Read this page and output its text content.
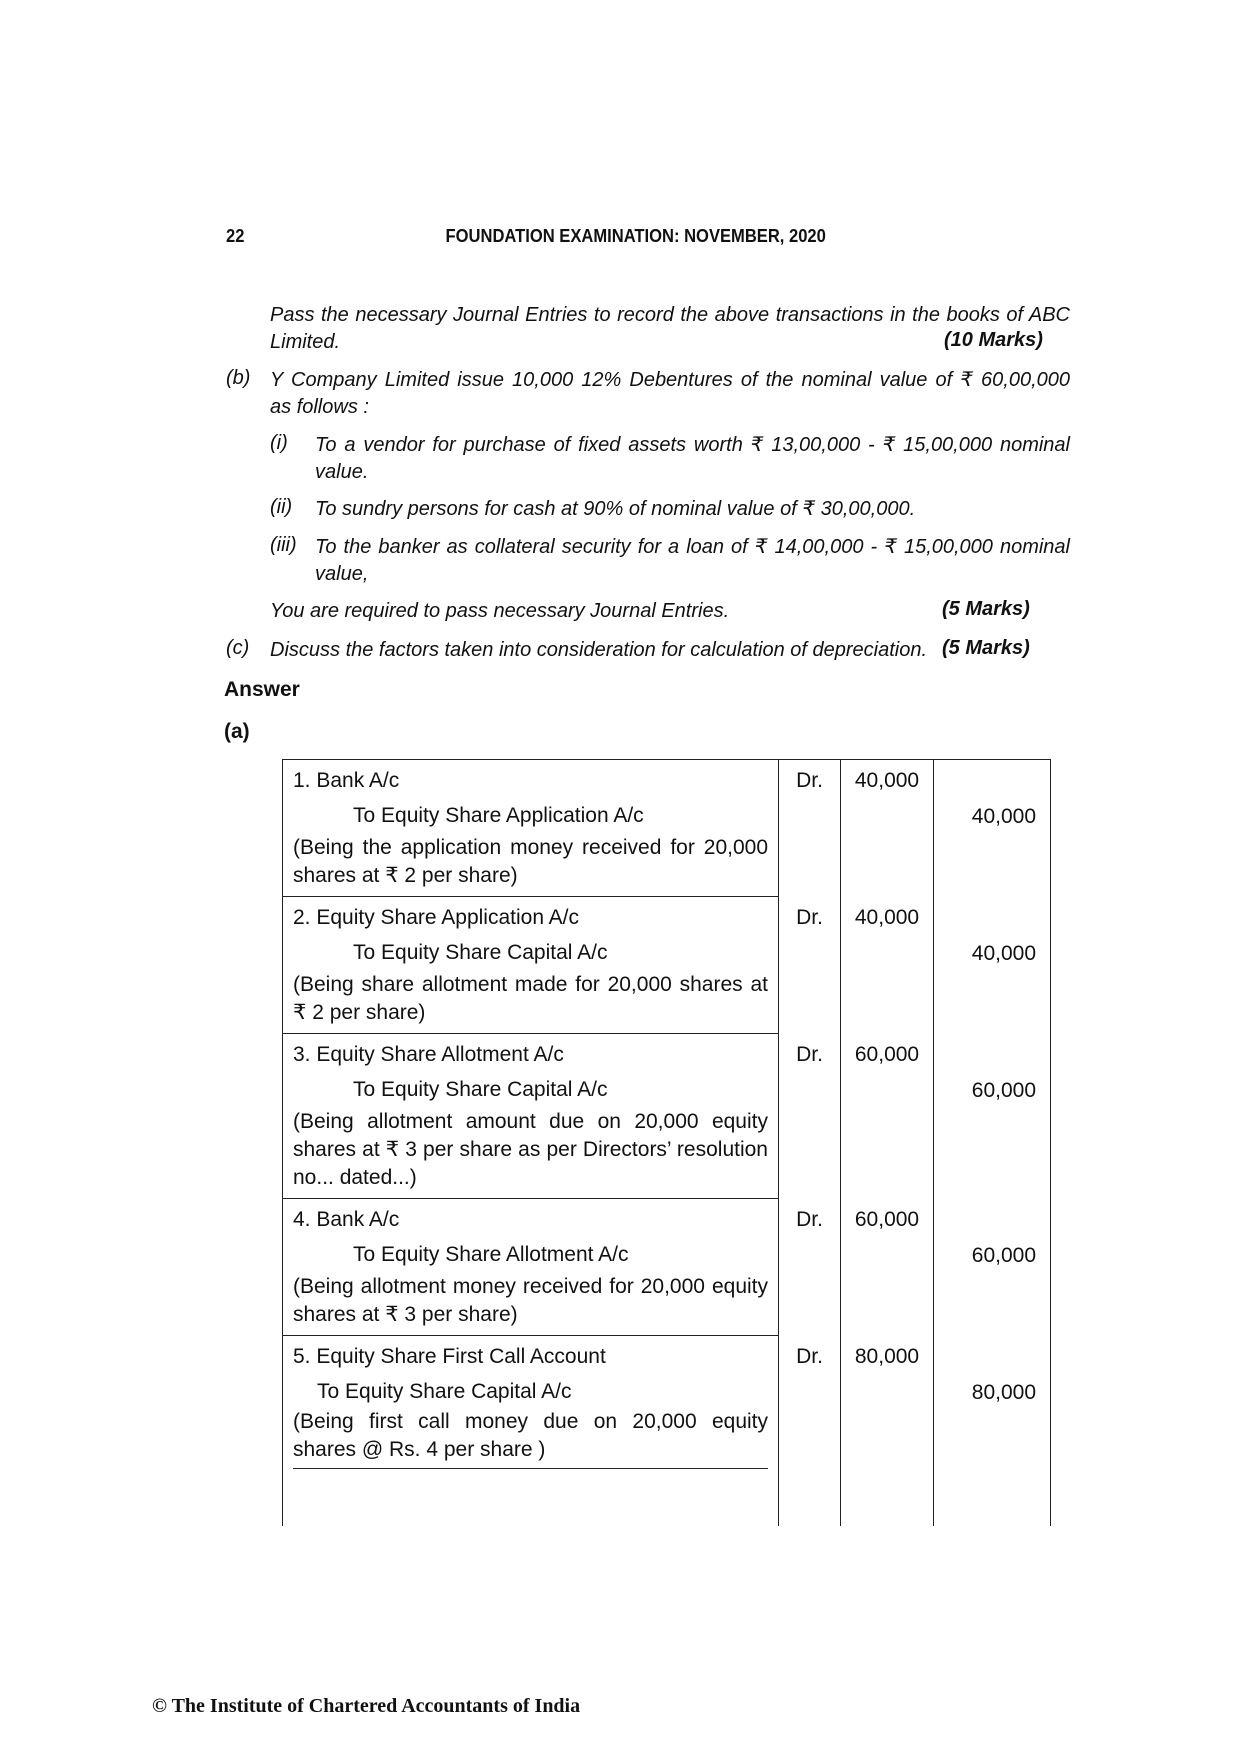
22	FOUNDATION EXAMINATION: NOVEMBER, 2020
Pass the necessary Journal Entries to record the above transactions in the books of ABC
Limited.	(10 Marks)
(b) Y Company Limited issue 10,000 12% Debentures of the nominal value of ₹ 60,00,000
as follows :
(i) To a vendor for purchase of fixed assets worth ₹ 13,00,000 - ₹ 15,00,000 nominal
value.
(ii) To sundry persons for cash at 90% of nominal value of ₹ 30,00,000.
(iii) To the banker as collateral security for a loan of ₹ 14,00,000 - ₹ 15,00,000 nominal
value,
You are required to pass necessary Journal Entries.	(5 Marks)
(c) Discuss the factors taken into consideration for calculation of depreciation. (5 Marks)
Answer
(a)
1. Bank A/c
To Equity Share Application A/c
(Being the application money received for 20,000 shares at ₹ 2 per share)	Dr.	40,000	40,000

2. Equity Share Application A/c
To Equity Share Capital A/c
(Being share allotment made for 20,000 shares at ₹ 2 per share)	Dr.	40,000	40,000

3. Equity Share Allotment A/c
To Equity Share Capital A/c
(Being allotment amount due on 20,000 equity shares at ₹ 3 per share as per Directors’ resolution no... dated...)	Dr.	60,000	60,000

4. Bank A/c
To Equity Share Allotment A/c
(Being allotment money received for 20,000 equity shares at ₹ 3 per share)	Dr.	60,000	60,000

5. Equity Share First Call Account
To Equity Share Capital A/c
(Being first call money due on 20,000 equity shares @ Rs. 4 per share )	Dr.	80,000	80,000
© The Institute of Chartered Accountants of India
